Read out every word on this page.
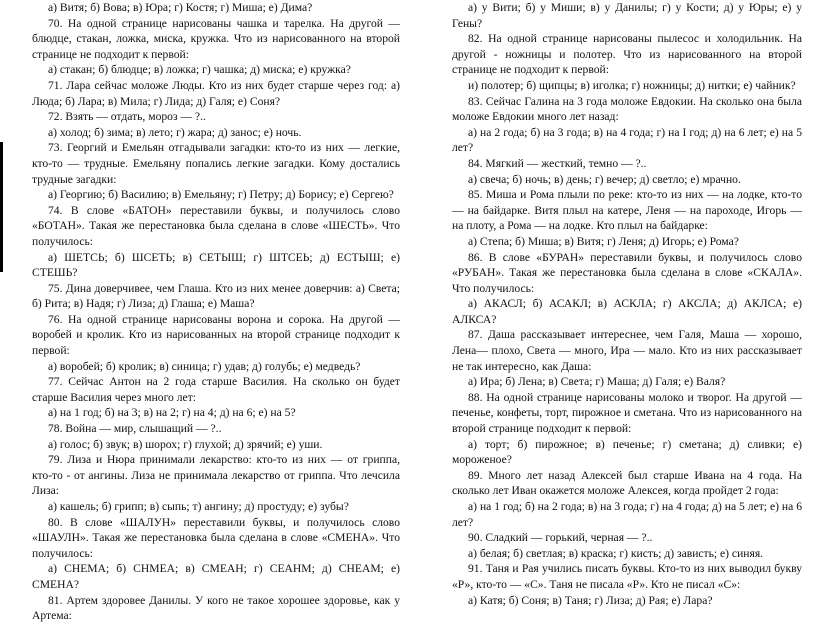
а) Витя; б) Вова; в) Юра; г) Костя; г) Миша; е) Дима?

70. На одной странице нарисованы чашка и тарелка. На другой — блюдце, стакан, ложка, миска, кружка. Что из нарисованного на второй странице не подходит к первой:

а) стакан; б) блюдце; в) ложка; г) чашка; д) миска; е) кружка?

71. Лара сейчас моложе Люды. Кто из них будет старше через год: а) Люда; б) Лара; в) Мила; г) Лида; д) Галя; е) Соня?

72. Взять — отдать, мороз — ?..

а) холод; б) зима; в) лето; г) жара; д) занос; е) ночь.

73. Георгий и Емельян отгадывали загадки: кто-то из них — легкие, кто-то — трудные. Емельяну попались легкие загадки. Кому достались трудные загадки:

а) Георгию; б) Василию; в) Емельяну; г) Петру; д) Борису; е) Сергею?

74. В слове «БАТОН» переставили буквы, и получилось слово «БОТАН». Такая же перестановка была сделана в слове «ШЕСТЬ». Что получилось:

а) ШЕТСЬ; б) ШСЕТЬ; в) СЕТЫШ; г) ШТСЕЬ; д) ЕСТЫШ; е) СТЕШЬ?

75. Дина доверчивее, чем Глаша. Кто из них менее доверчив: а) Света; б) Рита; в) Надя; г) Лиза; д) Глаша; е) Маша?

76. На одной странице нарисованы ворона и сорока. На другой — воробей и кролик. Кто из нарисованных на второй странице подходит к первой:

а) воробей; б) кролик; в) синица; г) удав; д) голубь; е) медведь?

77. Сейчас Антон на 2 года старше Василия. На сколько он будет старше Василия через много лет:

а) на 1 год; б) на 3; в) на 2; г) на 4; д) на 6; е) на 5?

78. Война — мир, слышащий — ?..

а) голос; б) звук; в) шорох; г) глухой; д) зрячий; е) уши.

79. Лиза и Нюра принимали лекарство: кто-то из них — от гриппа, кто-то - от ангины. Лиза не принимала лекарство от гриппа. Что лечсила Лиза:

а) кашель; б) грипп; в) сыпь; т) ангину; д) простуду; е) зубы?

80. В слове «ШАЛУН» переставили буквы, и получилось слово «ШАУЛН». Такая же перестановка была сделана в слове «СМЕНА». Что получилось:

а) СНЕМА; б) СНМЕА; в) СМЕАН; г) СЕАНМ; д) СНЕАМ; е) СМЕНА?

81. Артем здоровее Данилы. У кого не такое хорошее здоровье, как у Артема:

а) у Вити; б) у Миши; в) у Данилы; г) у Кости; д) у Юры; е) у Гены?

82. На одной странице нарисованы пылесос и холодильник. На другой - ножницы и полотер. Что из нарисованного на второй странице не подходит к первой:

и) полотер; б) щипцы; в) иголка; г) ножницы; д) нитки; е) чайник?

83. Сейчас Галина на 3 года моложе Евдокии. На сколько она была моложе Евдокии много лет назад:

а) на 2 года; б) на 3 года; в) на 4 года; г) на I год; д) на 6 лет; е) на 5 лет?

84. Мягкий — жесткий, темно — ?..

а) свеча; б) ночь; в) день; г) вечер; д) светло; е) мрачно.

85. Миша и Рома плыли по реке: кто-то из них — на лодке, кто-то — на байдарке. Витя плыл на катере, Леня — на пароходе, Игорь — на плоту, а Рома — на лодке. Кто плыл на байдарке:

а) Степа; б) Миша; в) Витя; г) Леня; д) Игорь; е) Рома?

86. В слове «БУРАН» переставили буквы, и получилось слово «РУБАН». Такая же перестановка была сделана в слове «СКАЛА». Что получилось:

а) АКАСЛ; б) АСАКЛ; в) АСКЛА; г) АКСЛА; д) АКЛСА; е) АЛКСА?

87. Даша рассказывает интереснее, чем Галя, Маша — хорошо, Лена— плохо, Света — много, Ира — мало. Кто из них рассказывает не так интересно, как Даша:

а) Ира; б) Лена; в) Света; г) Маша; д) Галя; е) Валя?

88. На одной странице нарисованы молоко и творог. На другой — печенье, конфеты, торт, пирожное и сметана. Что из нарисованного на второй странице подходит к первой:

а) торт; б) пирожное; в) печенье; г) сметана; д) сливки; е) мороженое?

89. Много лет назад Алексей был старше Ивана на 4 года. На сколько лет Иван окажется моложе Алексея, когда пройдет 2 года:

а) на 1 год; б) на 2 года; в) на 3 года; г) на 4 года; д) на 5 лет; е) на 6 лет?

90. Сладкий — горький, черная — ?..

а) белая; б) светлая; в) краска; г) кисть; д) зависть; е) синяя.

91. Таня и Рая учились писать буквы. Кто-то из них выводил букву «Р», кто-то — «С». Таня не писала «Р». Кто не писал «С»:

а) Катя; б) Соня; в) Таня; г) Лиза; д) Рая; е) Лара?
